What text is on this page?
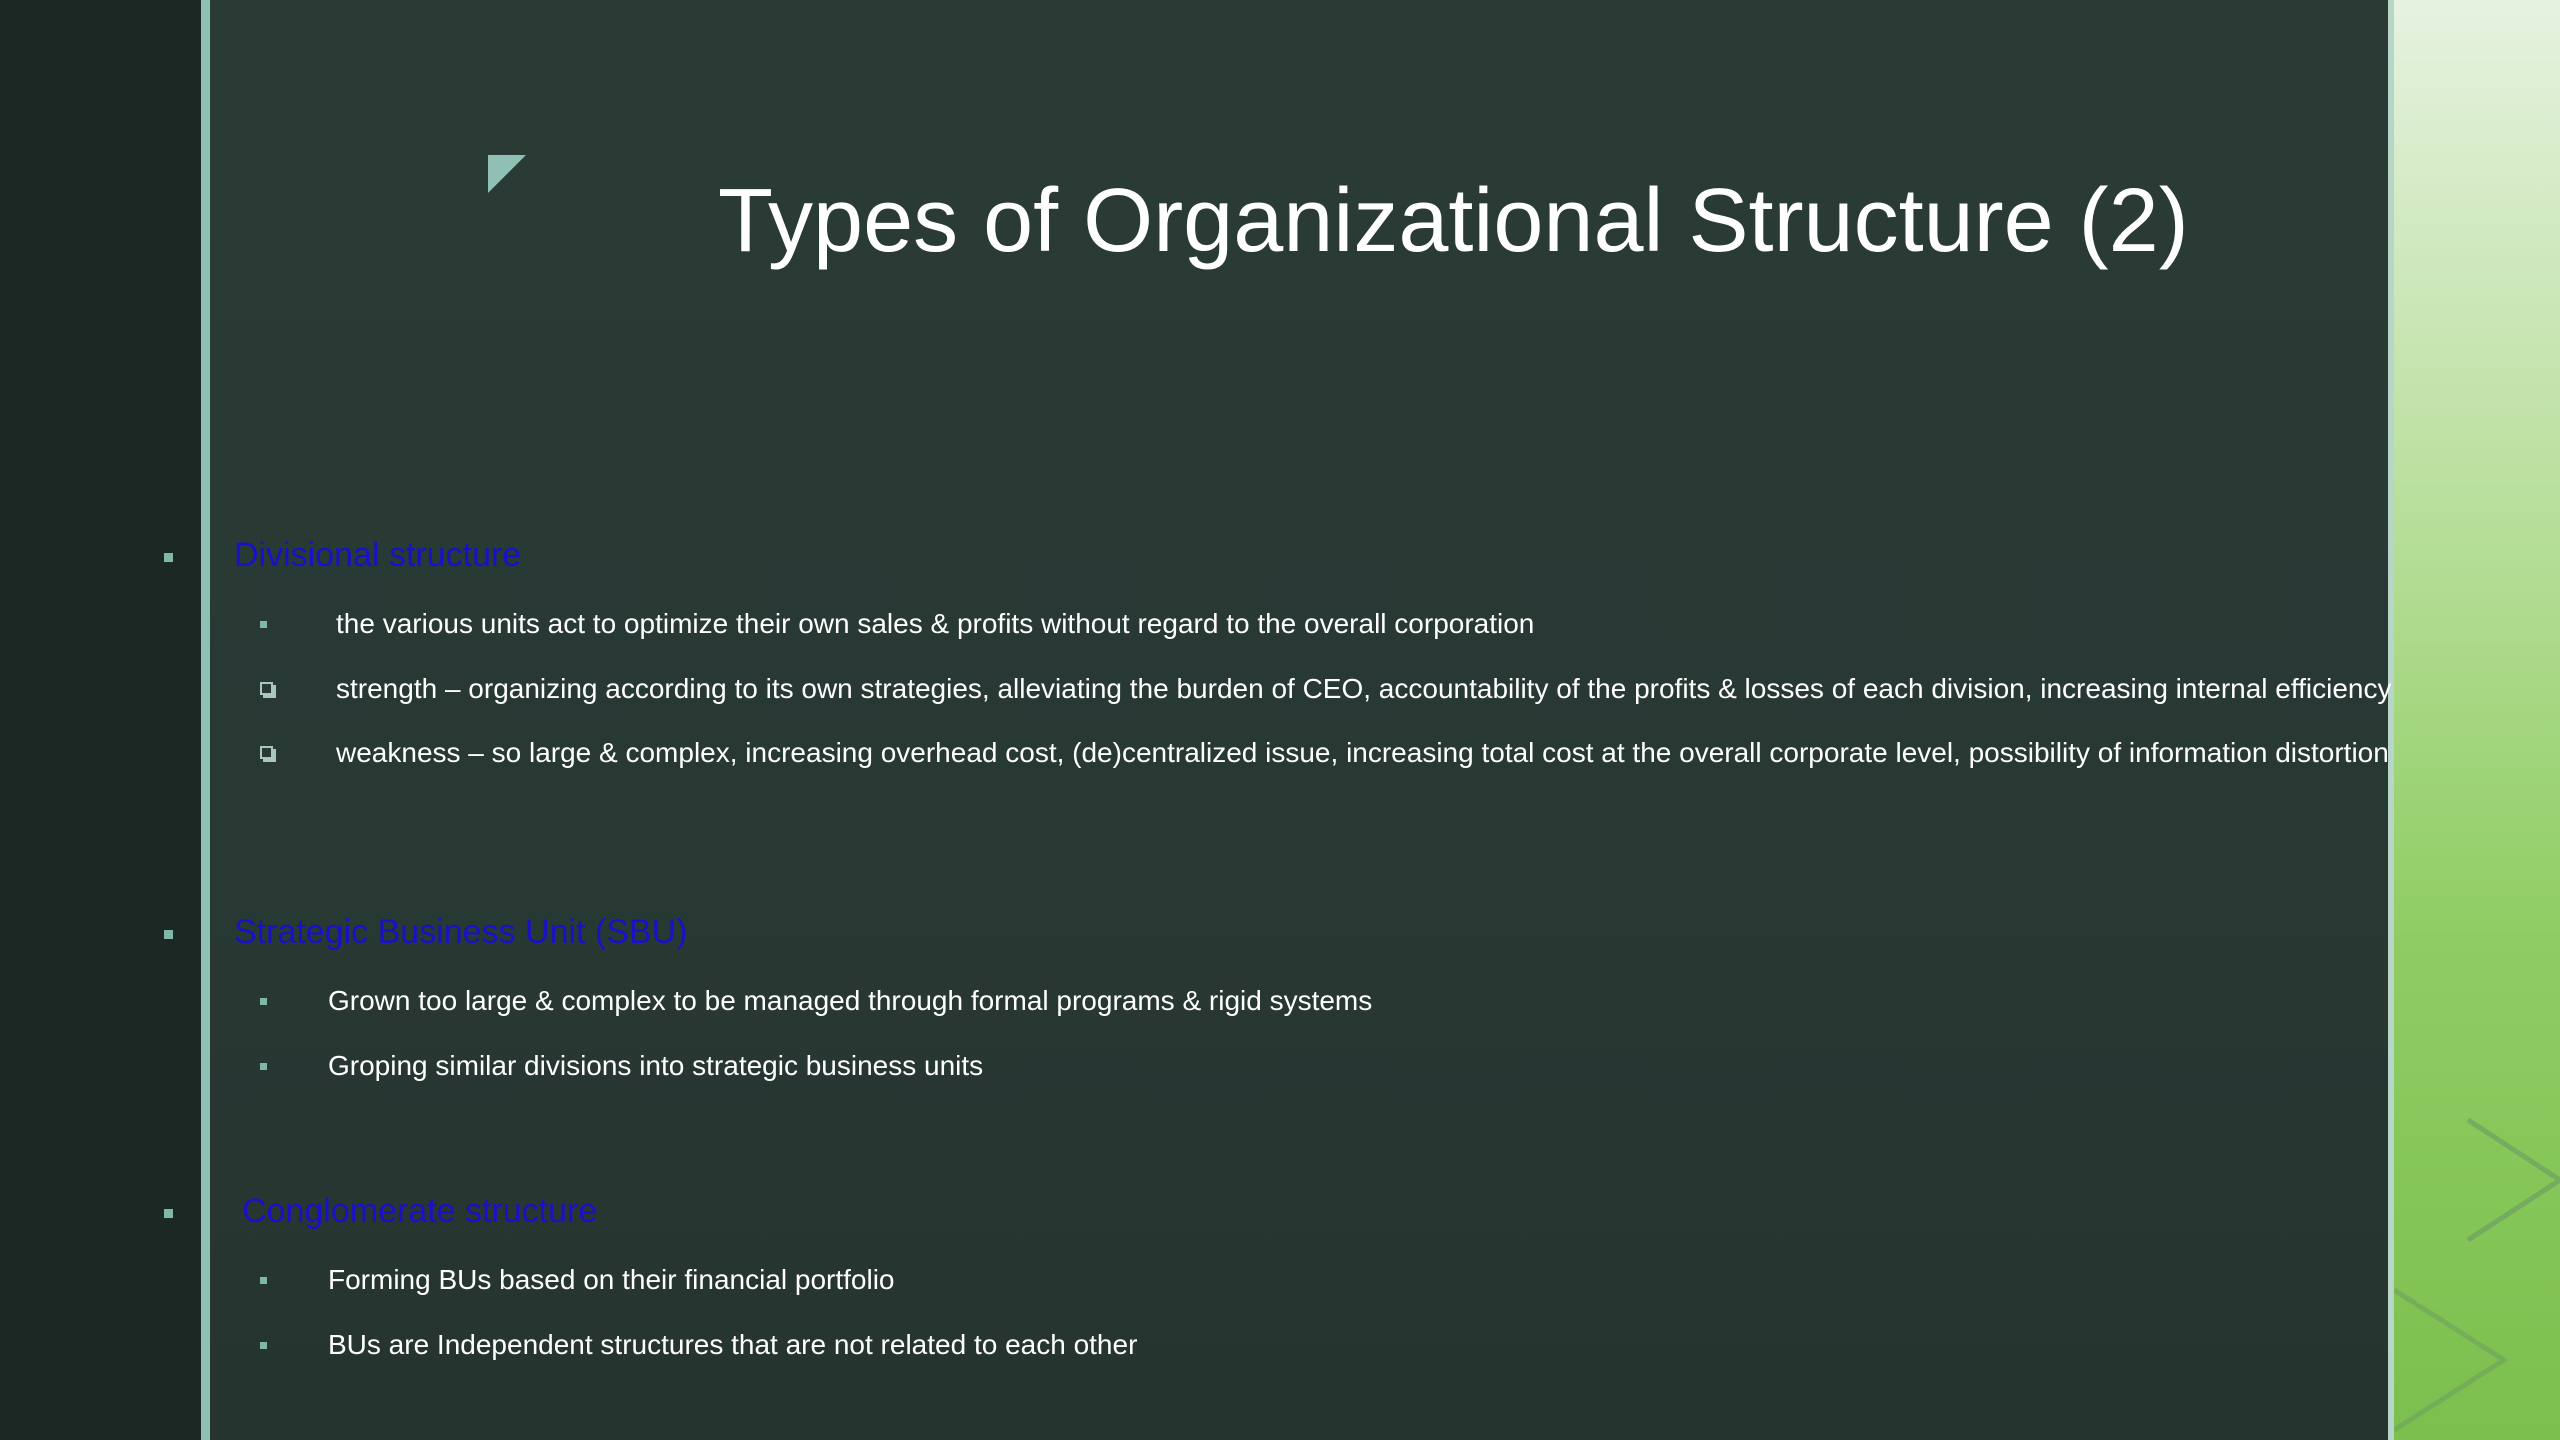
Types of Organizational Structure (2)
Divisional structure
the various units act to optimize their own sales & profits without regard to the overall corporation
strength – organizing according to its own strategies, alleviating the burden of CEO, accountability of the profits & losses of each division, increasing internal efficiency
weakness – so large & complex, increasing overhead cost, (de)centralized issue, increasing total cost at the overall corporate level, possibility of information distortion
Strategic Business Unit (SBU)
Grown too large & complex to be managed through formal programs & rigid systems
Groping similar divisions into strategic business units
Conglomerate structure
Forming BUs based on their financial portfolio
BUs are Independent structures that are not related to each other
